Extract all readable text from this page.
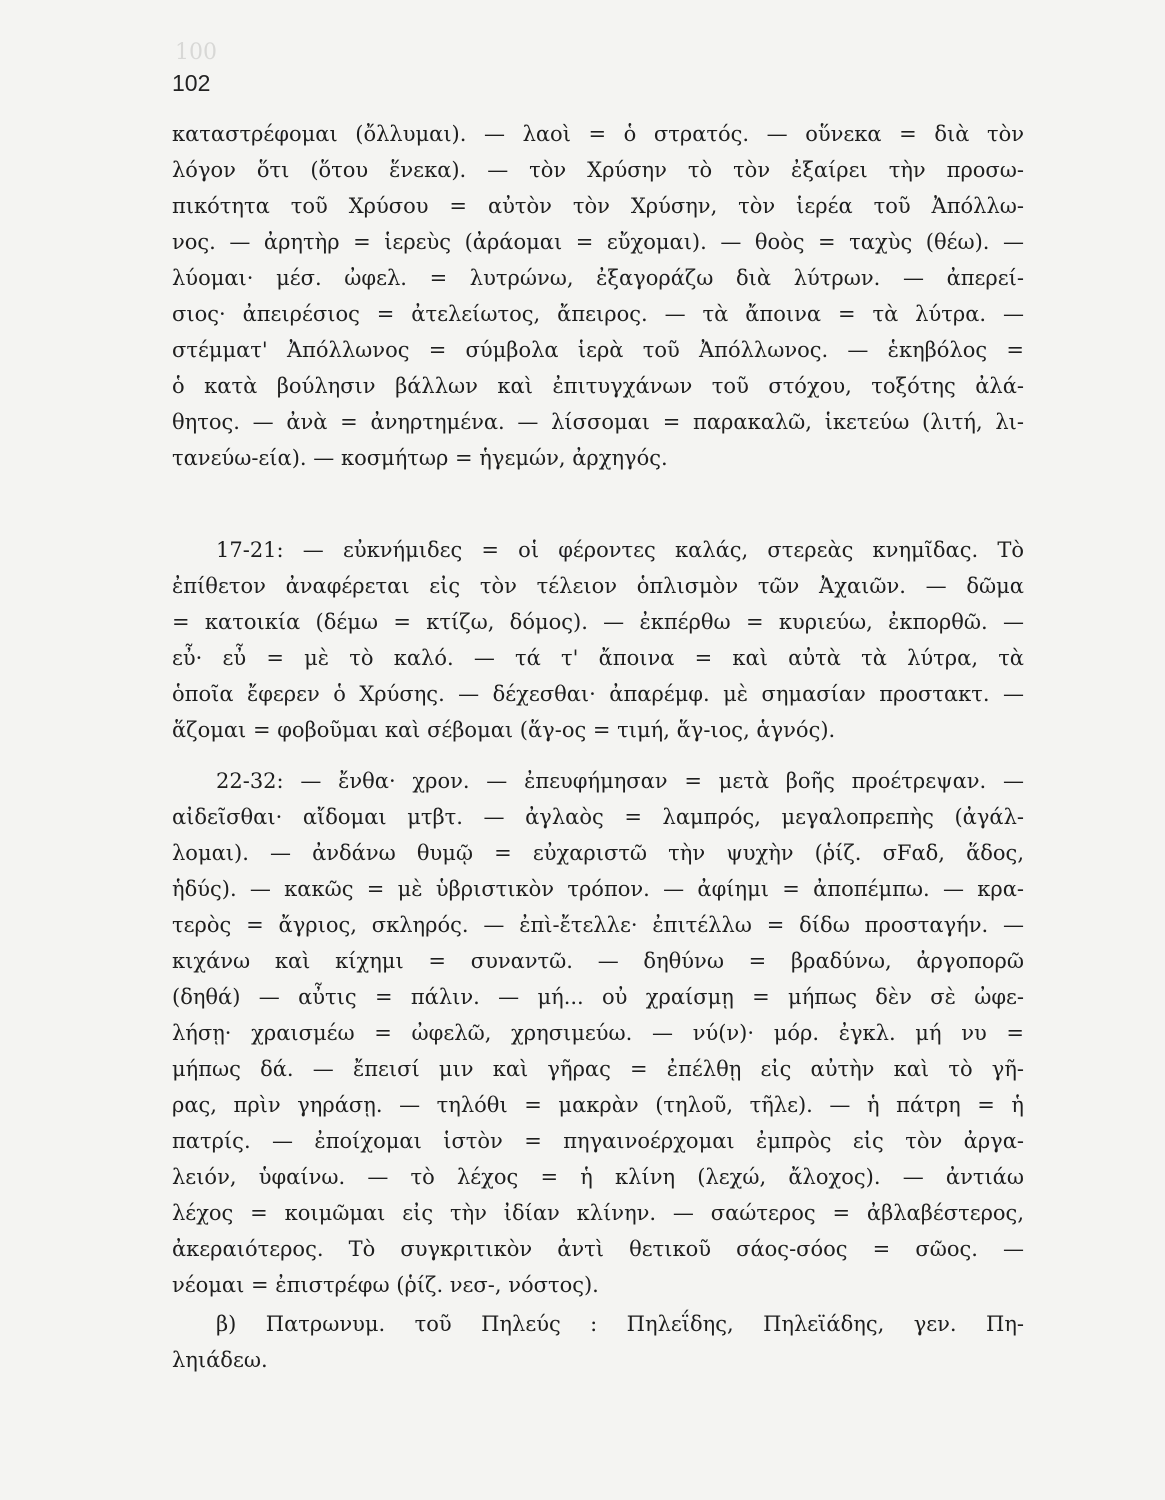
100
102
καταστρέφομαι (ὄλλυμαι). — λαοὶ = ὁ στρατός. — οὕνεκα = διὰ τὸν
λόγον ὅτι (ὅτου ἕνεκα). — τὸν Χρύσην τὸ τὸν ἐξαίρει τὴν προσω-
πικότητα τοῦ Χρύσου = αὐτὸν τὸν Χρύσην, τὸν ἱερέα τοῦ Ἀπόλλω-
νος. — ἀρητὴρ = ἱερεὺς (ἀράομαι = εὔχομαι). — θοὸς = ταχὺς (θέω). —
λύομαι· μέσ. ὠφελ. = λυτρώνω, ἐξαγοράζω διὰ λύτρων. — ἀπερεί-
σιος· ἀπειρέσιος = ἀτελείωτος, ἄπειρος. — τὰ ἄποινα = τὰ λύτρα. —
στέμματ' Ἀπόλλωνος = σύμβολα ἱερὰ τοῦ Ἀπόλλωνος. — ἑκηβόλος =
ὁ κατὰ βούλησιν βάλλων καὶ ἐπιτυγχάνων τοῦ στόχου, τοξότης ἀλά-
θητος. — ἀνὰ = ἀνηρτημένα. — λίσσομαι = παρακαλῶ, ἱκετεύω (λιτή, λι-
τανεύω-εία). — κοσμήτωρ = ἡγεμών, ἀρχηγός.
17-21: — εὐκνήμιδες = οἱ φέροντες καλάς, στερεὰς κνημῖδας. Τὸ
ἐπίθετον ἀναφέρεται εἰς τὸν τέλειον ὁπλισμὸν τῶν Ἀχαιῶν. — δῶμα
= κατοικία (δέμω = κτίζω, δόμος). — ἐκπέρθω = κυριεύω, ἐκπορθῶ. —
εὖ· εὖ = μὲ τὸ καλό. — τά τ' ἄποινα = καὶ αὐτὰ τὰ λύτρα, τὰ
ὁποῖα ἔφερεν ὁ Χρύσης. — δέχεσθαι· ἀπαρέμφ. μὲ σημασίαν προστακτ. —
ἅζομαι = φοβοῦμαι καὶ σέβομαι (ἅγ-ος = τιμή, ἅγ-ιος, ἁγνός).
22-32: — ἔνθα· χρον. — ἐπευφήμησαν = μετὰ βοῆς προέτρεψαν. —
αἰδεῖσθαι· αἴδομαι μτβτ. — ἀγλαὸς = λαμπρός, μεγαλοπρεπὴς (ἀγάλ-
λομαι). — ἀνδάνω θυμῷ = εὐχαριστῶ τὴν ψυχὴν (ῥίζ. σFαδ, ἅδος,
ἡδύς). — κακῶς = μὲ ὑβριστικὸν τρόπον. — ἀφίημι = ἀποπέμπω. — κρα-
τερὸς = ἄγριος, σκληρός. — ἐπὶ-ἔτελλε· ἐπιτέλλω = δίδω προσταγήν. —
κιχάνω καὶ κίχημι = συναντῶ. — δηθύνω = βραδύνω, ἀργοπορῶ
(δηθά) — αὖτις = πάλιν. — μή... οὐ χραίσμῃ = μήπως δὲν σὲ ὠφε-
λήσῃ· χραισμέω = ὠφελῶ, χρησιμεύω. — νύ(ν)· μόρ. ἐγκλ. μή νυ =
μήπως δά. — ἔπεισί μιν καὶ γῆρας = ἐπέλθῃ εἰς αὐτὴν καὶ τὸ γῆ-
ρας, πρὶν γηράσῃ. — τηλόθι = μακρὰν (τηλοῦ, τῆλε). — ἡ πάτρη = ἡ
πατρίς. — ἐποίχομαι ἱστὸν = πηγαινοέρχομαι ἐμπρὸς εἰς τὸν ἀργα-
λειόν, ὑφαίνω. — τὸ λέχος = ἡ κλίνη (λεχώ, ἄλοχος). — ἀντιάω
λέχος = κοιμῶμαι εἰς τὴν ἰδίαν κλίνην. — σαώτερος = ἀβλαβέστερος,
ἀκεραιότερος. Τὸ συγκριτικὸν ἀντὶ θετικοῦ σάος-σόος = σῶος. —
νέομαι = ἐπιστρέφω (ῥίζ. νεσ-, νόστος).
β) Πατρωνυμ. τοῦ Πηλεύς : Πηλεΐδης, Πηλεϊάδης, γεν. Πη-
ληιάδεω.
